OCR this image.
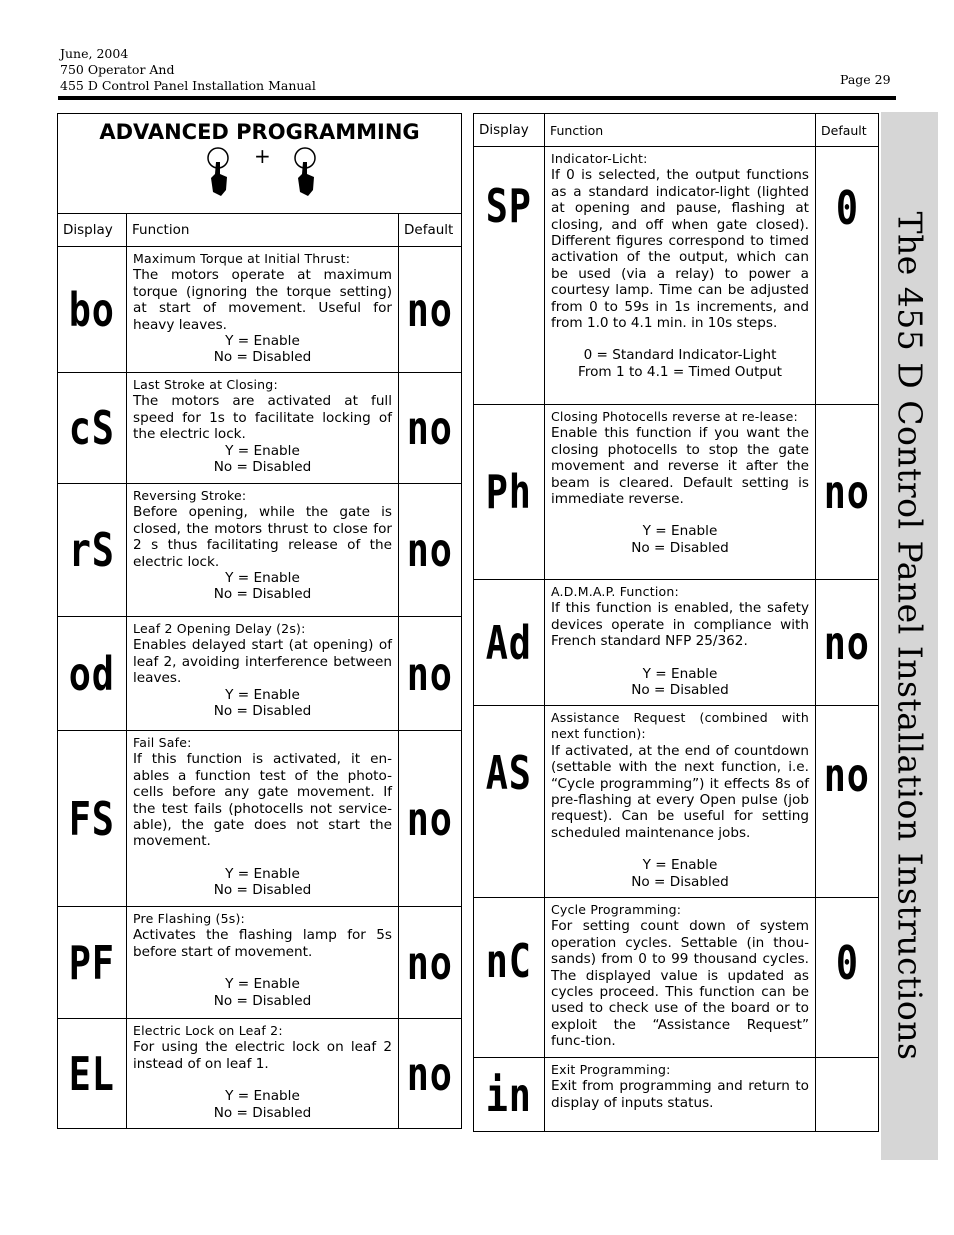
June, 2004
750 Operator And
455 D Control Panel Installation Manual	Page 29
ADVANCED PROGRAMMING
+		

Display	Function	Default
bo	Maximum Torque at Initial Thrust:
The motors operate at maximum torque (ignoring the torque setting) at start of movement. Useful for heavy leaves.
Y = Enable
No = Disabled	no
cS	Last Stroke at Closing:
The motors are activated at full speed for 1s to facilitate locking of the electric lock.
Y = Enable
No = Disabled	no
rS	Reversing Stroke:
Before opening, while the gate is closed, the motors thrust to close for 2 s thus facilitating release of the electric lock.
Y = Enable
No = Disabled	no
od	Leaf 2 Opening Delay (2s):
Enables delayed start (at opening) of leaf 2, avoiding interference between leaves.
Y = Enable
No = Disabled	no
FS	Fail Safe:
If this function is activated, it en-ables a function test of the photo-cells before any gate movement. If the test fails (photocells not service-able), the gate does not start the movement.
Y = Enable
No = Disabled	no
PF	Pre Flashing (5s):
Activates the flashing lamp for 5s before start of movement.
Y = Enable
No = Disabled	no
EL	Electric Lock on Leaf 2:
For using the electric lock on leaf 2 instead of on leaf 1.
Y = Enable
No = Disabled	no
Display	Function	Default
SP	Indicator-Licht:
If 0 is selected, the output functions as a standard indicator-light (lighted at opening and pause, flashing at closing, and off when gate closed). Different figures correspond to timed activation of the output, which can be used (via a relay) to power a courtesy lamp. Time can be adjusted from 0 to 59s in 1s increments, and from 1.0 to 4.1 min. in 10s steps.
0 = Standard Indicator-Light
From 1 to 4.1 = Timed Output	0
Ph	Closing Photocells reverse at re-lease:
Enable this function if you want the closing photocells to stop the gate movement and reverse it after the beam is cleared. Default setting is immediate reverse.
Y = Enable
No = Disabled	no
Ad	A.D.M.A.P. Function:
If this function is enabled, the safety devices operate in compliance with French standard NFP 25/362.
Y = Enable
No = Disabled	no
AS	Assistance Request (combined with next function):
If activated, at the end of countdown (settable with the next function, i.e. “Cycle programming”) it effects 8s of pre-flashing at every Open pulse (job request). Can be useful for setting scheduled maintenance jobs.
Y = Enable
No = Disabled	no
nC	Cycle Programming:
For setting count down of system operation cycles. Settable (in thou-sands) from 0 to 99 thousand cycles. The displayed value is updated as cycles proceed. This function can be used to check use of the board or to exploit the “Assistance Request” func-tion.	0
in	Exit Programming:
Exit from programming and return to display of inputs status.	

The 455 D Control Panel Installation Instructions
